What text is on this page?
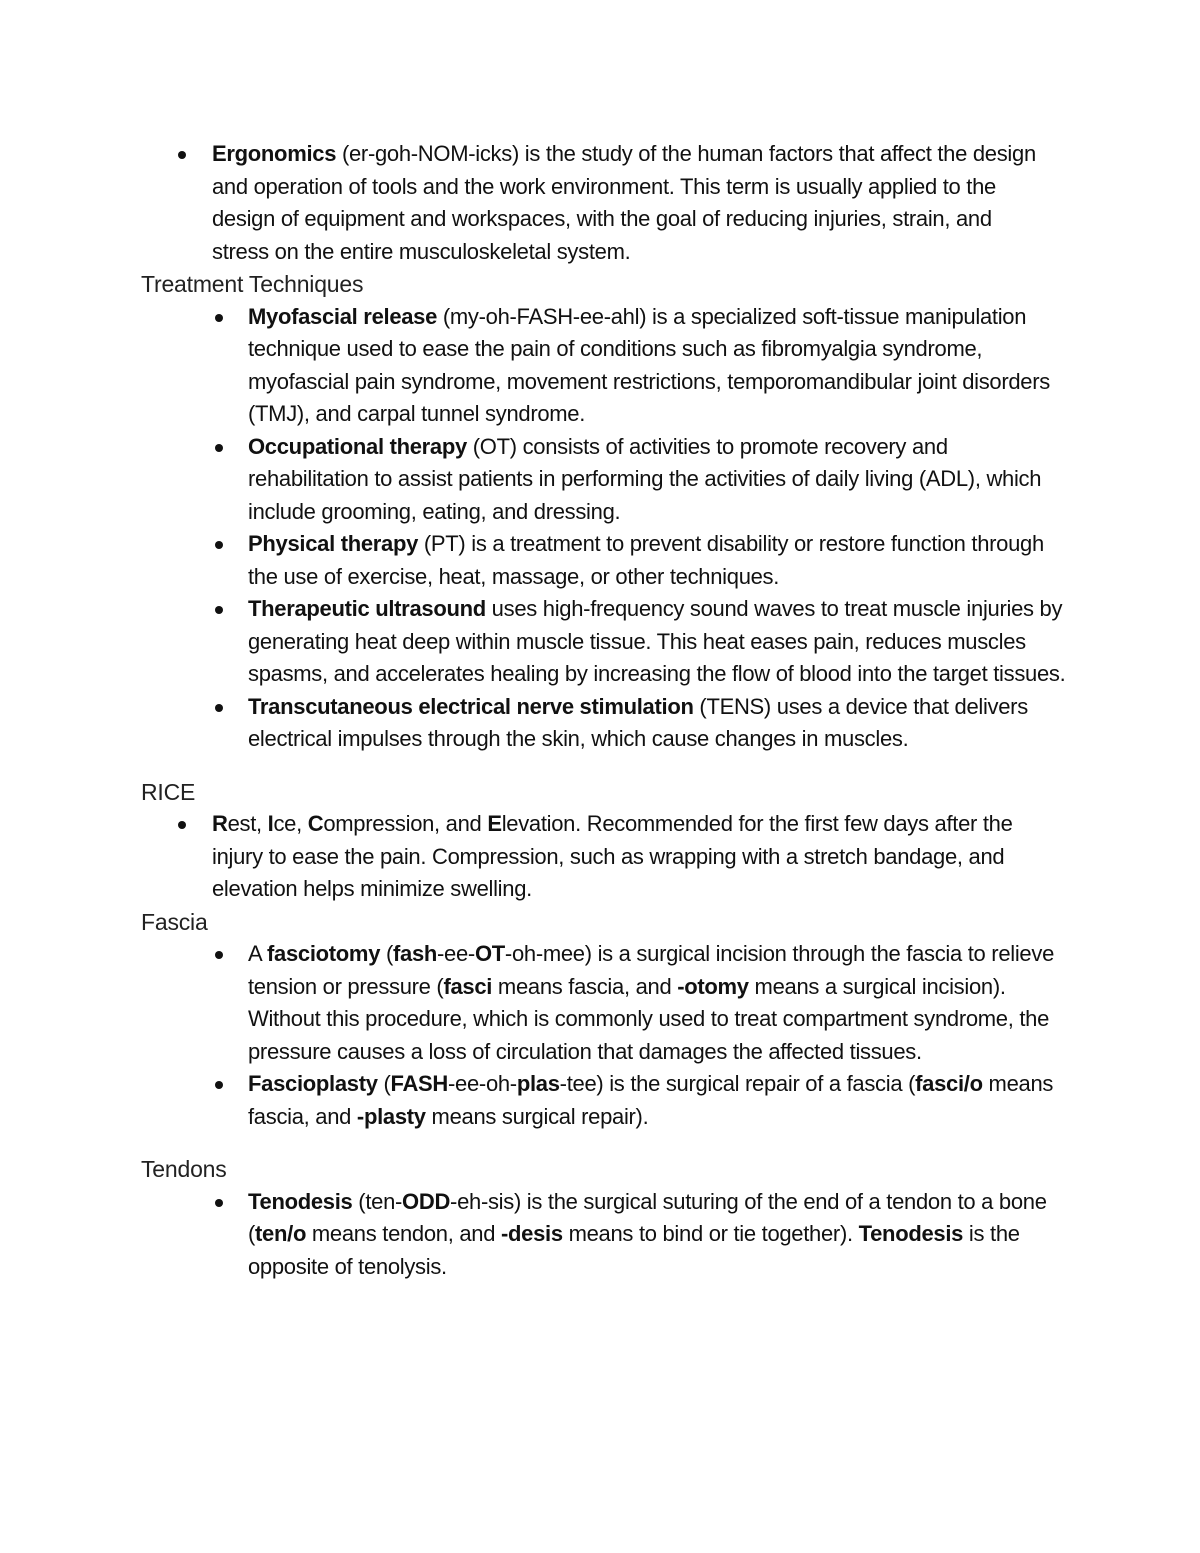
Ergonomics (er-goh-NOM-icks) is the study of the human factors that affect the design and operation of tools and the work environment. This term is usually applied to the design of equipment and workspaces, with the goal of reducing injuries, strain, and stress on the entire musculoskeletal system.
Treatment Techniques
Myofascial release (my-oh-FASH-ee-ahl) is a specialized soft-tissue manipulation technique used to ease the pain of conditions such as fibromyalgia syndrome, myofascial pain syndrome, movement restrictions, temporomandibular joint disorders (TMJ), and carpal tunnel syndrome.
Occupational therapy (OT) consists of activities to promote recovery and rehabilitation to assist patients in performing the activities of daily living (ADL), which include grooming, eating, and dressing.
Physical therapy (PT) is a treatment to prevent disability or restore function through the use of exercise, heat, massage, or other techniques.
Therapeutic ultrasound uses high-frequency sound waves to treat muscle injuries by generating heat deep within muscle tissue. This heat eases pain, reduces muscles spasms, and accelerates healing by increasing the flow of blood into the target tissues.
Transcutaneous electrical nerve stimulation (TENS) uses a device that delivers electrical impulses through the skin, which cause changes in muscles.
RICE
Rest, Ice, Compression, and Elevation. Recommended for the first few days after the injury to ease the pain. Compression, such as wrapping with a stretch bandage, and elevation helps minimize swelling.
Fascia
A fasciotomy (fash-ee-OT-oh-mee) is a surgical incision through the fascia to relieve tension or pressure (fasci means fascia, and -otomy means a surgical incision). Without this procedure, which is commonly used to treat compartment syndrome, the pressure causes a loss of circulation that damages the affected tissues.
Fascioplasty (FASH-ee-oh-plas-tee) is the surgical repair of a fascia (fasci/o means fascia, and -plasty means surgical repair).
Tendons
Tenodesis (ten-ODD-eh-sis) is the surgical suturing of the end of a tendon to a bone (ten/o means tendon, and -desis means to bind or tie together). Tenodesis is the opposite of tenolysis.
